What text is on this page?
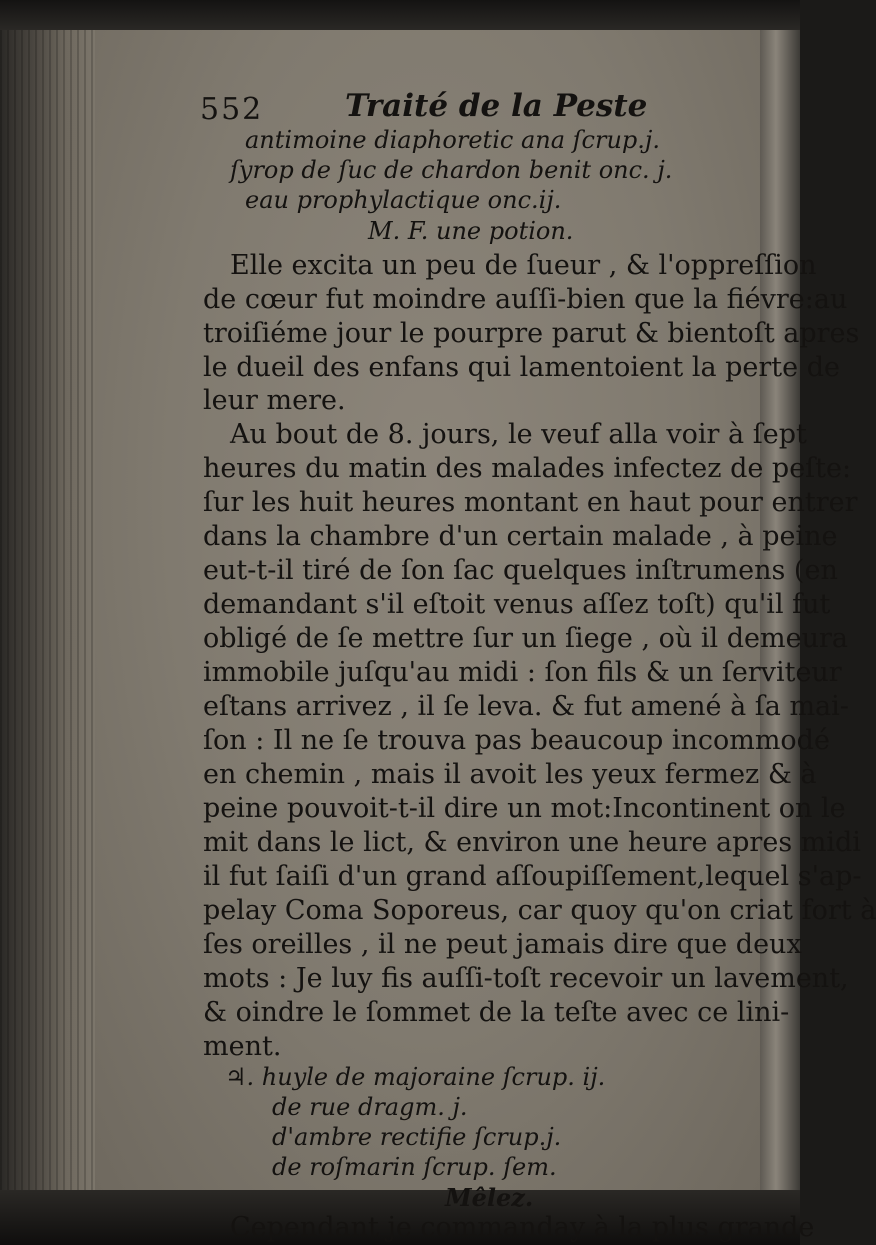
552	Traité de la Peste
antimoine diaphoretic ana ſcrup.j.
ſyrop de ſuc de chardon benit onc. j.
eau prophylactique onc.ij.
M. F. une potion.
Elle excita un peu de ſueur , & l'oppreſſion
de cœur fut moindre auſſi-bien que la fiévre:au
troiſiéme jour le pourpre parut & bientoſt apres
le dueil des enfans qui lamentoient la perte de
leur mere.
Au bout de 8. jours, le veuf alla voir à ſept
heures du matin des malades infectez de peſte:
ſur les huit heures montant en haut pour entrer
dans la chambre d'un certain malade , à peine
eut-t-il tiré de ſon ſac quelques inſtrumens (en
demandant s'il eſtoit venus aſſez toſt) qu'il fut
obligé de ſe mettre ſur un ſiege , où il demeura
immobile juſqu'au midi : ſon fils & un ſerviteur
eſtans arrivez , il ſe leva. & fut amené à ſa mai-
ſon : Il ne ſe trouva pas beaucoup incommodé
en chemin , mais il avoit les yeux fermez & à
peine pouvoit-t-il dire un mot:Incontinent on le
mit dans le lict, & environ une heure apres midi
il fut ſaiſi d'un grand aſſoupiſſement,lequel s'ap-
pelay Coma Soporeus, car quoy qu'on criat fort à
ſes oreilles , il ne peut jamais dire que deux
mots : Je luy fis auſſi-toſt recevoir un lavement,
& oindre le ſommet de la teſte avec ce lini-
ment.
♃. huyle de majoraine ſcrup. ij.
de rue dragm. j.
d'ambre rectifie ſcrup.j.
de roſmarin ſcrup. ſem.
Mêlez.
Cependant je commanday à la plus grande
